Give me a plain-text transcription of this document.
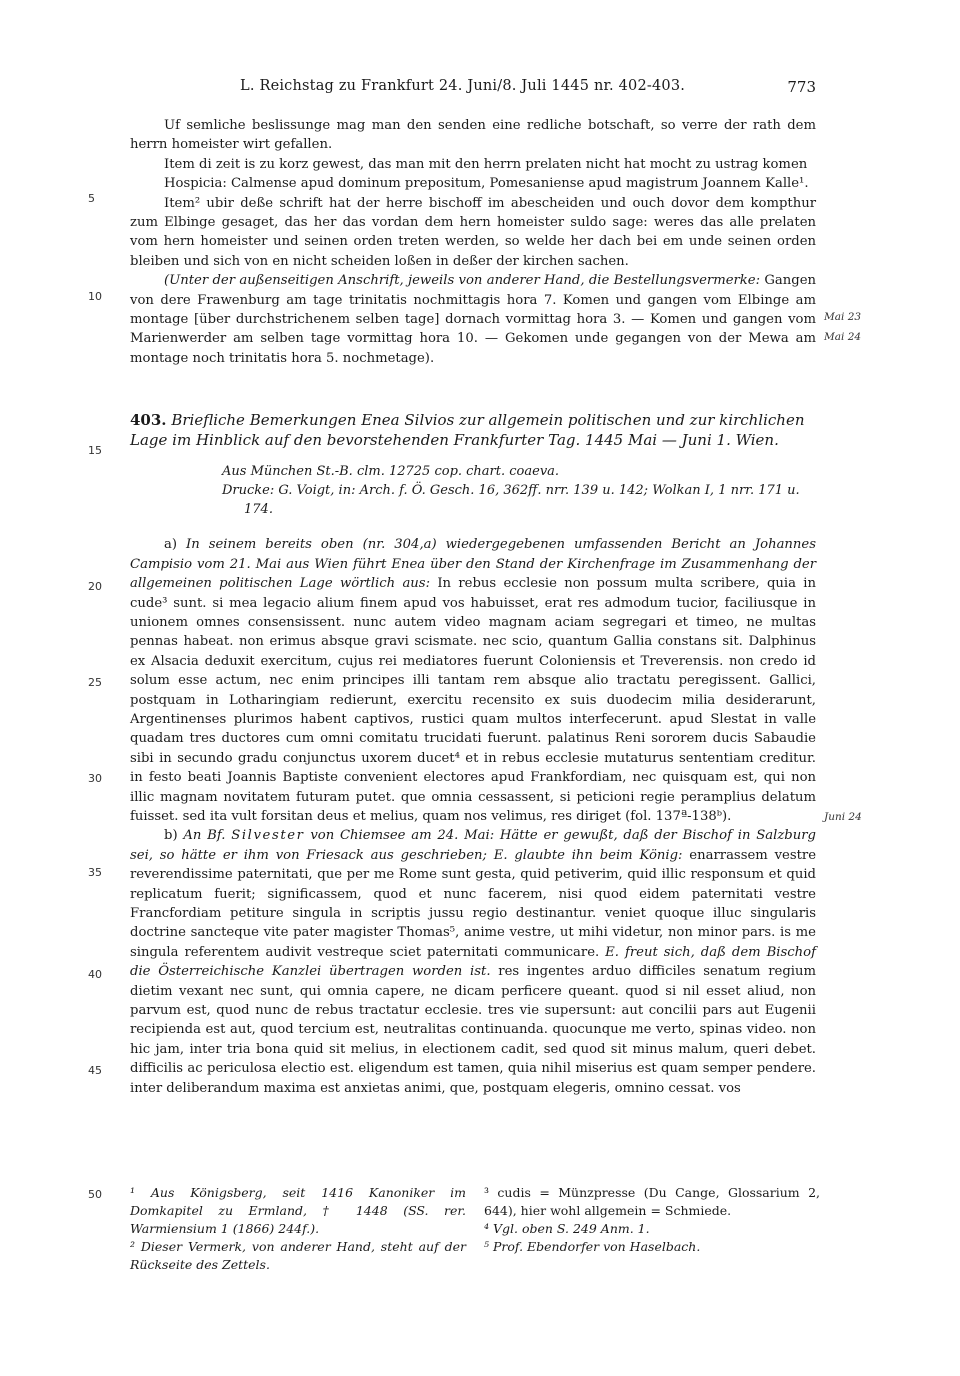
L. Reichstag zu Frankfurt 24. Juni/8. Juli 1445 nr. 402-403.	773
5
10
15
20
25
30
35
40
45
50
Mai 23
Mai 24
Juni 24
Uf semliche beslissunge mag man den senden eine redliche botschaft, so verre der rath dem herrn homeister wirt gefallen.
Item di zeit is zu korz gewest, das man mit den herrn prelaten nicht hat mocht zu ustrag komen
Hospicia: Calmense apud dominum prepositum, Pomesaniense apud magistrum Joannem Kalle¹.
Item² ubir deße schrift hat der herre bischoff im abescheiden und ouch dovor dem kompthur zum Elbinge gesaget, das her das vordan dem hern homeister suldo sage: weres das alle prelaten vom hern homeister und seinen orden treten werden, so welde her dach bei em unde seinen orden bleiben und sich von en nicht scheiden loßen in deßer der kirchen sachen.
(Unter der außenseitigen Anschrift, jeweils von anderer Hand, die Bestellungsvermerke: Gangen von dere Frawenburg am tage trinitatis nochmittagis hora 7. Komen und gangen vom Elbinge am montage [über durchstrichenem selben tage] dornach vormittag hora 3. — Komen und gangen vom Marienwerder am selben tage vormittag hora 10. — Gekomen unde gegangen von der Mewa am montage noch trinitatis hora 5. nochmetage).
403. Briefliche Bemerkungen Enea Silvios zur allgemein politischen und zur kirchlichen Lage im Hinblick auf den bevorstehenden Frankfurter Tag. 1445 Mai — Juni 1. Wien.
Aus München St.-B. clm. 12725 cop. chart. coaeva.
Drucke: G. Voigt, in: Arch. f. Ö. Gesch. 16, 362ff. nrr. 139 u. 142; Wolkan I, 1 nrr. 171 u. 174.
a) In seinem bereits oben (nr. 304,a) wiedergegebenen umfassenden Bericht an Johannes Campisio vom 21. Mai aus Wien führt Enea über den Stand der Kirchenfrage im Zusammenhang der allgemeinen politischen Lage wörtlich aus: In rebus ecclesie non possum multa scribere, quia in cude³ sunt. si mea legacio alium finem apud vos habuisset, erat res admodum tucior, faciliusque in unionem omnes consensissent. nunc autem video magnam aciam segregari et timeo, ne multas pennas habeat. non erimus absque gravi scismate. nec scio, quantum Gallia constans sit. Dalphinus ex Alsacia deduxit exercitum, cujus rei mediatores fuerunt Coloniensis et Treverensis. non credo id solum esse actum, nec enim principes illi tantam rem absque alio tractatu peregissent. Gallici, postquam in Lotharingiam redierunt, exercitu recensito ex suis duodecim milia desiderarunt, Argentinenses plurimos habent captivos, rustici quam multos interfecerunt. apud Slestat in valle quadam tres ductores cum omni comitatu trucidati fuerunt. palatinus Reni sororem ducis Sabaudie sibi in secundo gradu conjunctus uxorem ducet⁴ et in rebus ecclesie mutaturus sententiam creditur. in festo beati Joannis Baptiste convenient electores apud Frankfordiam, nec quisquam est, qui non illic magnam novitatem futuram putet. que omnia cessassent, si peticioni regie peramplius delatum fuisset. sed ita vult forsitan deus et melius, quam nos velimus, res diriget (fol. 137ª-138ᵇ).
b) An Bf. Silvester von Chiemsee am 24. Mai: Hätte er gewußt, daß der Bischof in Salzburg sei, so hätte er ihm von Friesack aus geschrieben; E. glaubte ihn beim König: enarrassem vestre reverendissime paternitati, que per me Rome sunt gesta, quid petiverim, quid illic responsum et quid replicatum fuerit; significassem, quod et nunc facerem, nisi quod eidem paternitati vestre Francfordiam petiture singula in scriptis jussu regio destinantur. veniet quoque illuc singularis doctrine sancteque vite pater magister Thomas⁵, anime vestre, ut mihi videtur, non minor pars. is me singula referentem audivit vestreque sciet paternitati communicare. E. freut sich, daß dem Bischof die Österreichische Kanzlei übertragen worden ist. res ingentes arduo difficiles senatum regium dietim vexant nec sunt, qui omnia capere, ne dicam perficere queant. quod si nil esset aliud, non parvum est, quod nunc de rebus tractatur ecclesie. tres vie supersunt: aut concilii pars aut Eugenii recipienda est aut, quod tercium est, neutralitas continuanda. quocunque me verto, spinas video. non hic jam, inter tria bona quid sit melius, in electionem cadit, sed quod sit minus malum, queri debet. difficilis ac periculosa electio est. eligendum est tamen, quia nihil miserius est quam semper pendere. inter deliberandum maxima est anxietas animi, que, postquam elegeris, omnino cessat. vos
¹ Aus Königsberg, seit 1416 Kanoniker im Domkapitel zu Ermland, † 1448 (SS. rer. Warmiensium 1 (1866) 244f.).
² Dieser Vermerk, von anderer Hand, steht auf der Rückseite des Zettels.
³ cudis = Münzpresse (Du Cange, Glossarium 2, 644), hier wohl allgemein = Schmiede.
⁴ Vgl. oben S. 249 Anm. 1.
⁵ Prof. Ebendorfer von Haselbach.
